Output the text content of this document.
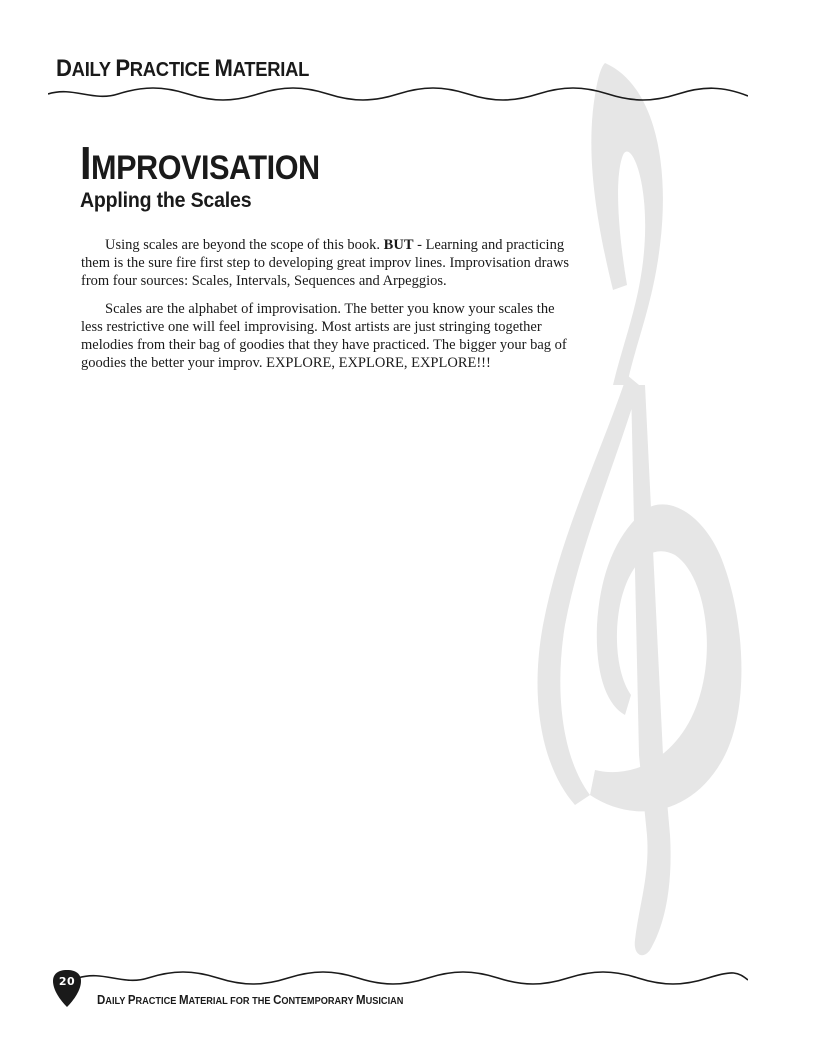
DAILY PRACTICE MATERIAL
IMPROVISATION
Appling the Scales

Using scales are beyond the scope of this book. BUT - Learning and practicing them is the sure fire first step to developing great improv lines. Improvisation draws from four sources: Scales, Intervals, Sequences and Arpeggios.

Scales are the alphabet of improvisation. The better you know your scales the less restrictive one will feel improvising. Most artists are just stringing together melodies from their bag of goodies that they have practiced. The bigger your bag of goodies the better your improv. EXPLORE, EXPLORE, EXPLORE!!!

20
DAILY PRACTICE MATERIAL FOR THE CONTEMPORARY MUSICIAN
